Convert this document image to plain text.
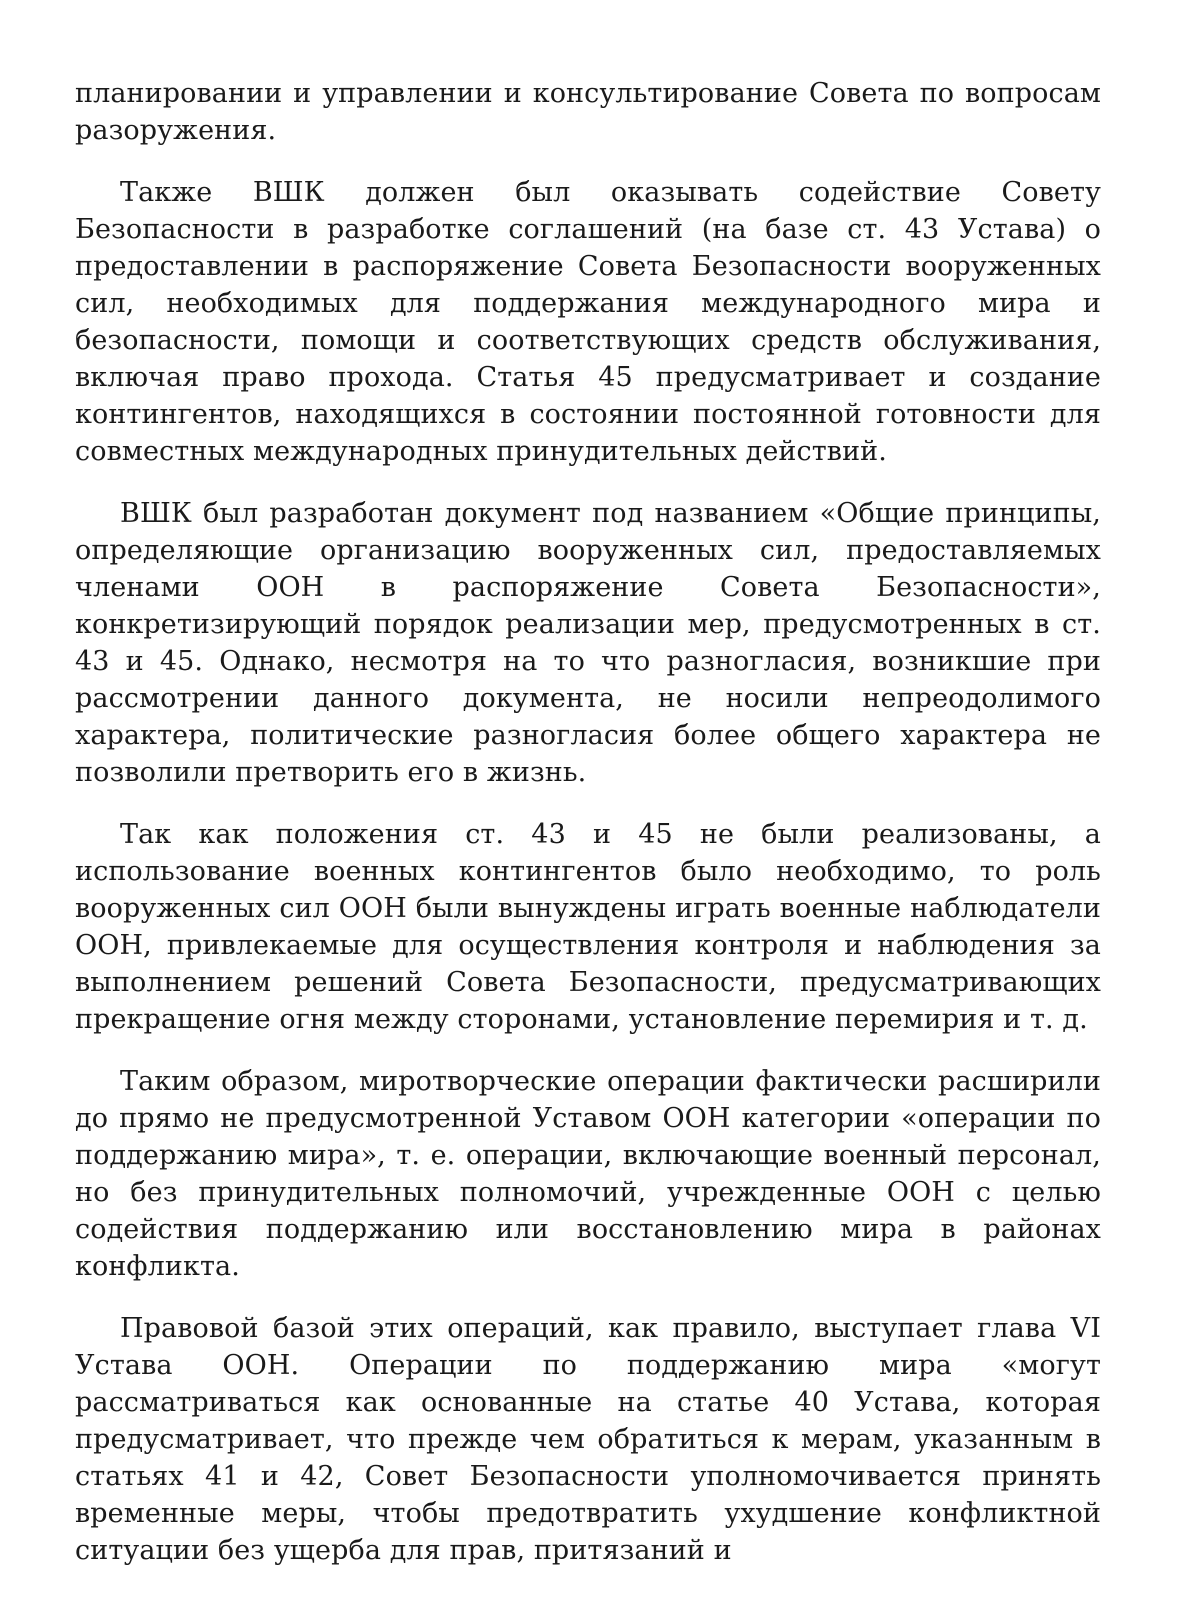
планировании и управлении и консультирование Совета по вопросам разоружения.

Также ВШК должен был оказывать содействие Совету Безопасности в разработке соглашений (на базе ст. 43 Устава) о предоставлении в распоряжение Совета Безопасности вооруженных сил, необходимых для поддержания международного мира и безопасности, помощи и соответствующих средств обслуживания, включая право прохода. Статья 45 предусматривает и создание контингентов, находящихся в состоянии постоянной готовности для совместных международных принудительных действий.

ВШК был разработан документ под названием «Общие принципы, определяющие организацию вооруженных сил, предоставляемых членами ООН в распоряжение Совета Безопасности», конкретизирующий порядок реализации мер, предусмотренных в ст. 43 и 45. Однако, несмотря на то что разногласия, возникшие при рассмотрении данного документа, не носили непреодолимого характера, политические разногласия более общего характера не позволили претворить его в жизнь.

Так как положения ст. 43 и 45 не были реализованы, а использование военных контингентов было необходимо, то роль вооруженных сил ООН были вынуждены играть военные наблюдатели ООН, привлекаемые для осуществления контроля и наблюдения за выполнением решений Совета Безопасности, предусматривающих прекращение огня между сторонами, установление перемирия и т. д.

Таким образом, миротворческие операции фактически расширили до прямо не предусмотренной Уставом ООН категории «операции по поддержанию мира», т. е. операции, включающие военный персонал, но без принудительных полномочий, учрежденные ООН с целью содействия поддержанию или восстановлению мира в районах конфликта.

Правовой базой этих операций, как правило, выступает глава VI Устава ООН. Операции по поддержанию мира «могут рассматриваться как основанные на статье 40 Устава, которая предусматривает, что прежде чем обратиться к мерам, указанным в статьях 41 и 42, Совет Безопасности уполномочивается принять временные меры, чтобы предотвратить ухудшение конфликтной ситуации без ущерба для прав, притязаний и
